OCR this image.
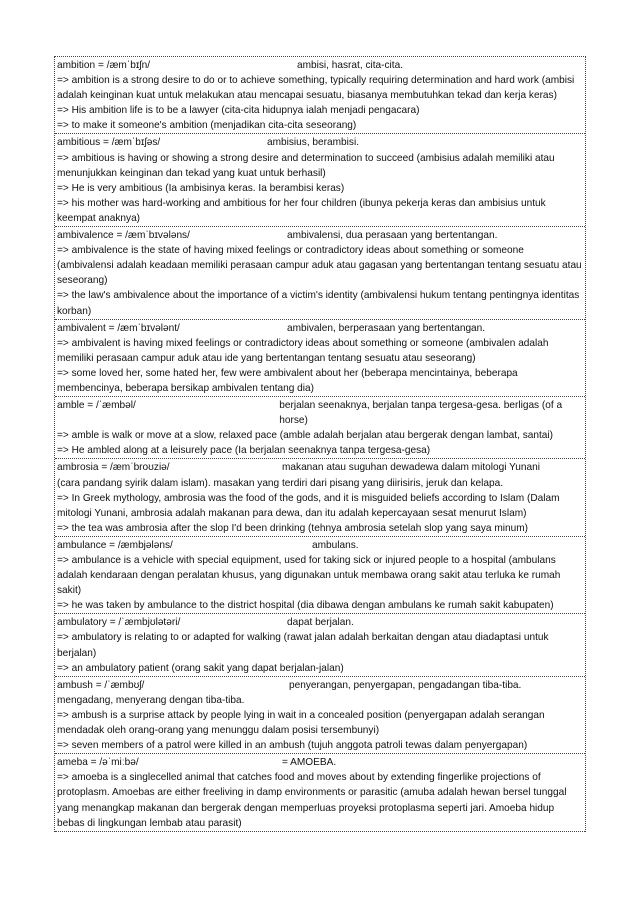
ambition = /æmˈbɪʃn/	ambisi, hasrat, cita-cita.
=> ambition is a strong desire to do or to achieve something, typically requiring determination and hard work (ambisi adalah keinginan kuat untuk melakukan atau mencapai sesuatu, biasanya membutuhkan tekad dan kerja keras)
=> His ambition life is to be a lawyer (cita-cita hidupnya ialah menjadi pengacara)
=> to make it someone's ambition (menjadikan cita-cita seseorang)
ambitious = /æmˈbɪʃəs/	ambisius, berambisi.
=> ambitious is having or showing a strong desire and determination to succeed (ambisius adalah memiliki atau menunjukkan keinginan dan tekad yang kuat untuk berhasil)
=> He is very ambitious (Ia ambisinya keras. Ia berambisi keras)
=> his mother was hard-working and ambitious for her four children (ibunya pekerja keras dan ambisius untuk keempat anaknya)
ambivalence = /æmˈbɪvələns/	ambivalensi, dua perasaan yang bertentangan.
=> ambivalence is the state of having mixed feelings or contradictory ideas about something or someone (ambivalensi adalah keadaan memiliki perasaan campur aduk atau gagasan yang bertentangan tentang sesuatu atau seseorang)
=> the law's ambivalence about the importance of a victim's identity (ambivalensi hukum tentang pentingnya identitas korban)
ambivalent = /æmˈbɪvələnt/	ambivalen, berperasaan yang bertentangan.
=> ambivalent is having mixed feelings or contradictory ideas about something or someone (ambivalen adalah memiliki perasaan campur aduk atau ide yang bertentangan tentang sesuatu atau seseorang)
=> some loved her, some hated her, few were ambivalent about her (beberapa mencintainya, beberapa membencinya, beberapa bersikap ambivalen tentang dia)
amble = /ˈæmbəl/	berjalan seenaknya, berjalan tanpa tergesa-gesa. berligas (of a horse)
=> amble is walk or move at a slow, relaxed pace (amble adalah berjalan atau bergerak dengan lambat, santai)
=> He ambled along at a leisurely pace (Ia berjalan seenaknya tanpa tergesa-gesa)
ambrosia = /æmˈbroʊziə/	makanan atau suguhan dewadewa dalam mitologi Yunani
(cara pandang syirik dalam islam). masakan yang terdiri dari pisang yang diirisiris, jeruk dan kelapa.
=> In Greek mythology, ambrosia was the food of the gods, and it is misguided beliefs according to Islam (Dalam mitologi Yunani, ambrosia adalah makanan para dewa, dan itu adalah kepercayaan sesat menurut Islam)
=> the tea was ambrosia after the slop I'd been drinking (tehnya ambrosia setelah slop yang saya minum)
ambulance = /æmbjələns/	ambulans.
=> ambulance is a vehicle with special equipment, used for taking sick or injured people to a hospital (ambulans adalah kendaraan dengan peralatan khusus, yang digunakan untuk membawa orang sakit atau terluka ke rumah sakit)
=> he was taken by ambulance to the district hospital (dia dibawa dengan ambulans ke rumah sakit kabupaten)
ambulatory = /ˈæmbjʊlətəri/	dapat berjalan.
=> ambulatory is relating to or adapted for walking (rawat jalan adalah berkaitan dengan atau diadaptasi untuk berjalan)
=> an ambulatory patient (orang sakit yang dapat berjalan-jalan)
ambush = /ˈæmbʊʃ/	penyerangan, penyergapan, pengadangan tiba-tiba.
mengadang, menyerang dengan tiba-tiba.
=> ambush is a surprise attack by people lying in wait in a concealed position (penyergapan adalah serangan mendadak oleh orang-orang yang menunggu dalam posisi tersembunyi)
=> seven members of a patrol were killed in an ambush (tujuh anggota patroli tewas dalam penyergapan)
ameba = /əˈmiːbə/	= AMOEBA.
=> amoeba is a singlecelled animal that catches food and moves about by extending fingerlike projections of protoplasm. Amoebas are either freeliving in damp environments or parasitic (amuba adalah hewan bersel tunggal yang menangkap makanan dan bergerak dengan memperluas proyeksi protoplasma seperti jari. Amoeba hidup bebas di lingkungan lembab atau parasit)
